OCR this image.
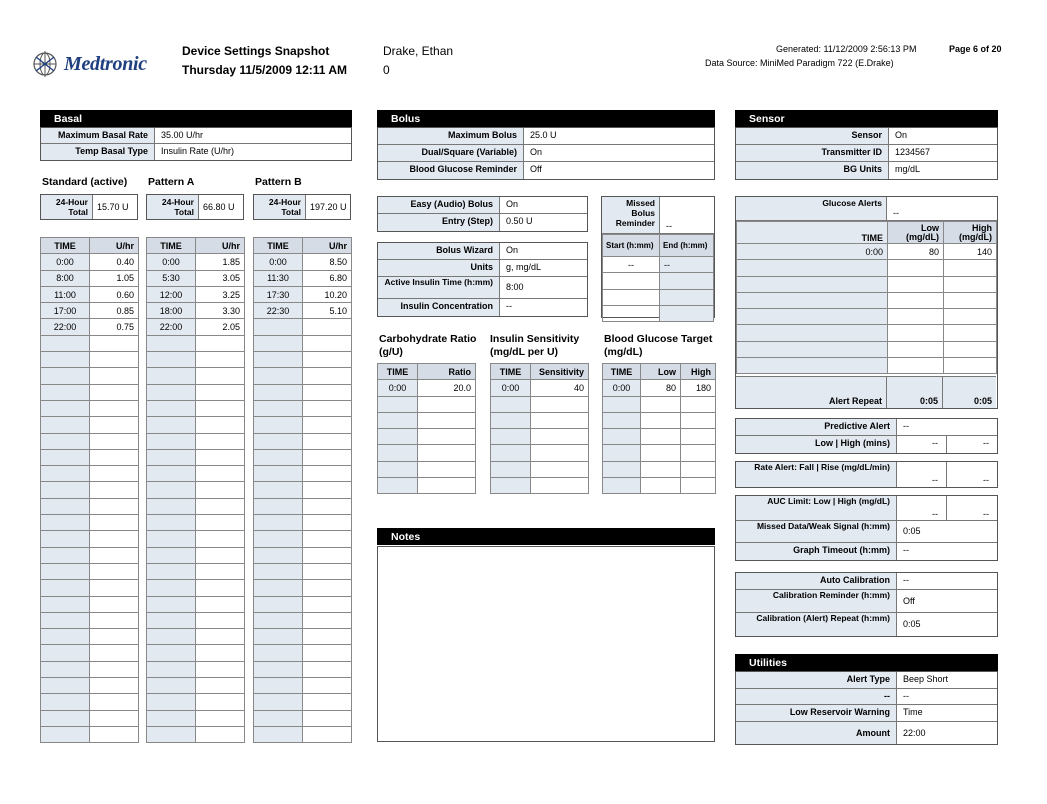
Medtronic
Device Settings Snapshot
Thursday 11/5/2009 12:11 AM
Drake, Ethan
0
Generated: 11/12/2009 2:56:13 PM
Data Source: MiniMed Paradigm 722 (E.Drake)
Page 6 of 20
Basal
Maximum Basal Rate	35.00 U/hr
Temp Basal Type	Insulin Rate (U/hr)
Standard (active)
24-Hour Total	15.70 U
TIME	U/hr
0:00	0.40
8:00	1.05
11:00	0.60
17:00	0.85
22:00	0.75

Pattern A
24-Hour Total	66.80 U
TIME	U/hr
0:00	1.85
5:30	3.05
12:00	3.25
18:00	3.30
22:00	2.05

Pattern B
24-Hour Total	197.20 U
TIME	U/hr
0:00	8.50
11:30	6.80
17:30	10.20
22:30	5.10

Bolus
Maximum Bolus	25.0 U
Dual/Square (Variable)	On
Blood Glucose Reminder	Off
Easy (Audio) Bolus	On
Entry (Step)	0.50 U
Bolus Wizard	On
Units	g, mg/dL
Active Insulin Time (h:mm)	8:00
Insulin Concentration	--
Missed Bolus Reminder	--
Start (h:mm)	End (h:mm)
--	--

Carbohydrate Ratio (g/U)
Insulin Sensitivity (mg/dL per U)
Blood Glucose Target (mg/dL)
TIME	Ratio
0:00	20.0

TIME	Sensitivity
0:00	40

TIME	Low	High
0:00	80	180

Notes
Sensor
Sensor	On
Transmitter ID	1234567
BG Units	mg/dL
Glucose Alerts
--
TIME	Low (mg/dL)	High (mg/dL)
0:00	80	140

Alert Repeat	0:05	0:05
Predictive Alert	--
Low | High (mins)	--	--
Rate Alert: Fall | Rise (mg/dL/min)
--	--
AUC Limit: Low | High (mg/dL)
--	--
Missed Data/Weak Signal (h:mm)	0:05
Graph Timeout (h:mm)	--
Auto Calibration	--
Calibration Reminder (h:mm)
Off
Calibration (Alert) Repeat (h:mm)
0:05
Utilities
Alert Type	Beep Short
--	--
Low Reservoir Warning	Time
Amount	22:00
